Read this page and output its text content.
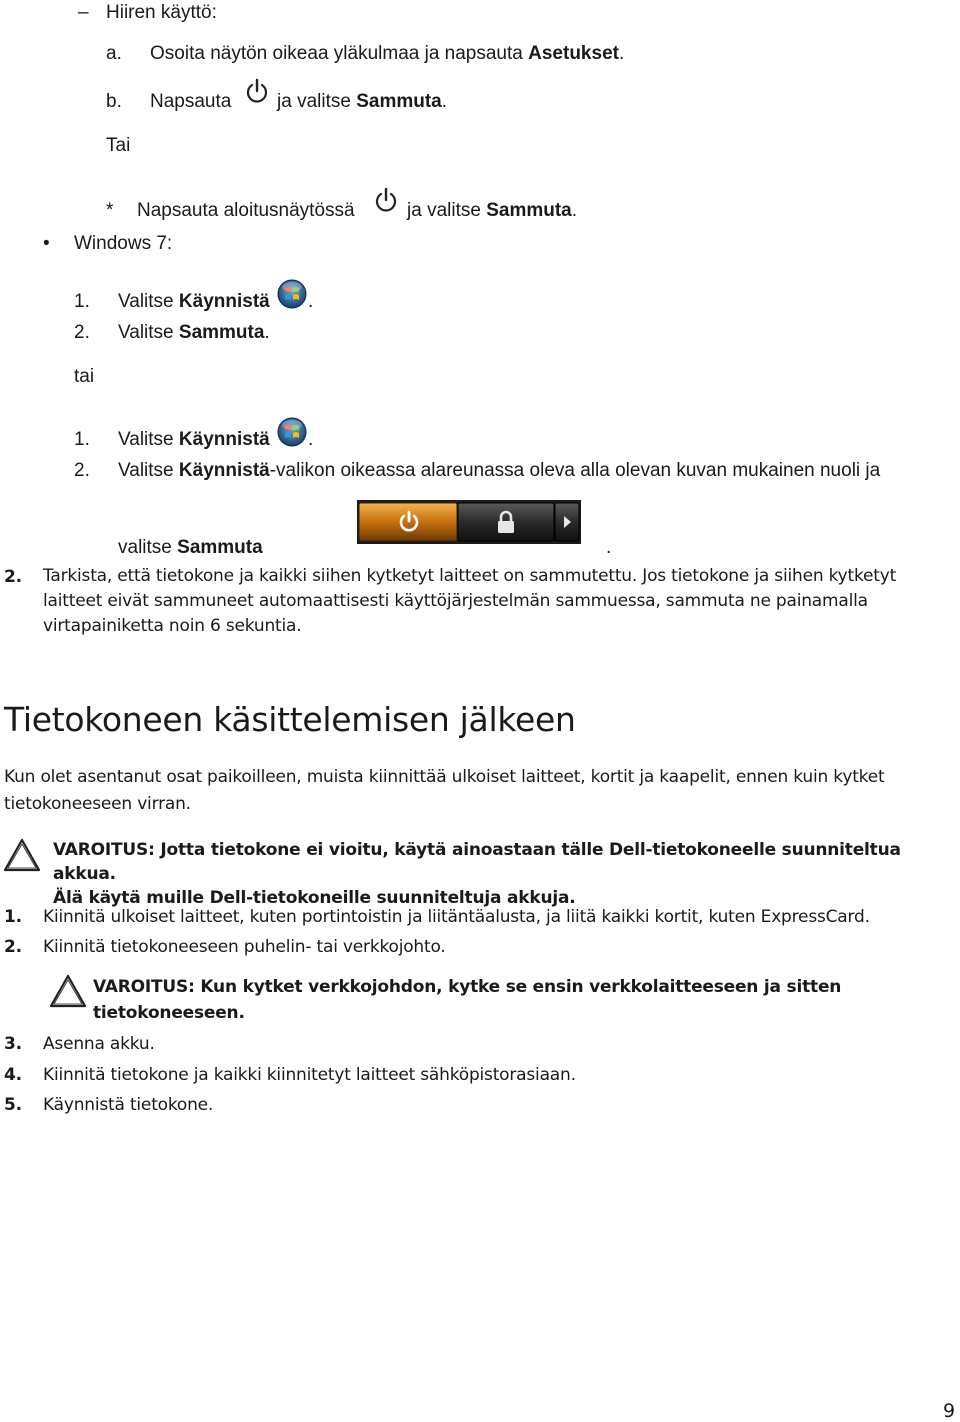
– Hiiren käyttö:
a. Osoita näytön oikeaa yläkulmaa ja napsauta Asetukset.
b. Napsauta ja valitse Sammuta.
Tai
* Napsauta aloitusnäytössä	ja valitse Sammuta.
• Windows 7:
1. Valitse Käynnistä .
2. Valitse Sammuta.
tai
1. Valitse Käynnistä .
2. Valitse Käynnistä-valikon oikeassa alareunassa oleva alla olevan kuvan mukainen nuoli ja
valitse Sammuta	.
2. Tarkista, että tietokone ja kaikki siihen kytketyt laitteet on sammutettu. Jos tietokone ja siihen kytketyt
laitteet eivät sammuneet automaattisesti käyttöjärjestelmän sammuessa, sammuta ne painamalla
virtapainiketta noin 6 sekuntia.
Tietokoneen käsittelemisen jälkeen
Kun olet asentanut osat paikoilleen, muista kiinnittää ulkoiset laitteet, kortit ja kaapelit, ennen kuin kytket
tietokoneeseen virran.
VAROITUS: Jotta tietokone ei vioitu, käytä ainoastaan tälle Dell-tietokoneelle suunniteltua akkua.
Älä käytä muille Dell-tietokoneille suunniteltuja akkuja.
1. Kiinnitä ulkoiset laitteet, kuten portintoistin ja liitäntäalusta, ja liitä kaikki kortit, kuten ExpressCard.
2. Kiinnitä tietokoneeseen puhelin- tai verkkojohto.
VAROITUS: Kun kytket verkkojohdon, kytke se ensin verkkolaitteeseen ja sitten
tietokoneeseen.
3. Asenna akku.
4. Kiinnitä tietokone ja kaikki kiinnitetyt laitteet sähköpistorasiaan.
5. Käynnistä tietokone.
9
